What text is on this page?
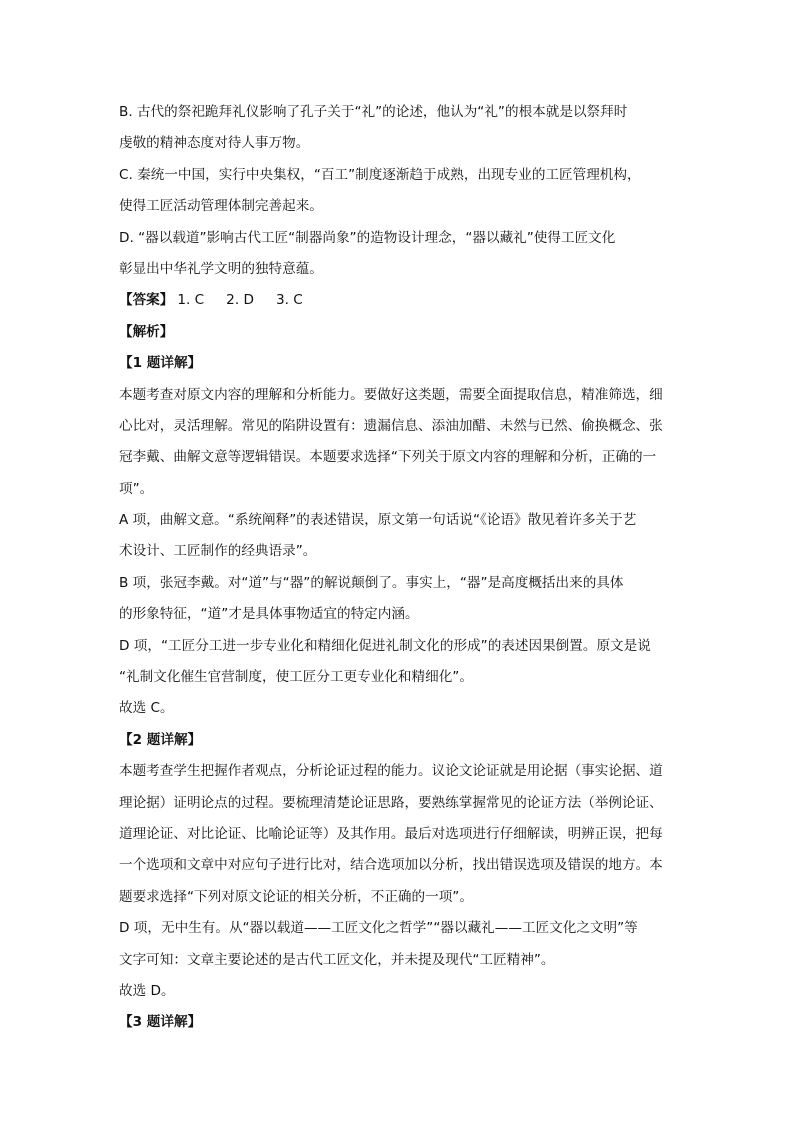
B. 古代的祭祀跪拜礼仪影响了孔子关于“礼”的论述，他认为“礼”的根本就是以祭拜时
虔敬的精神态度对待人事万物。
C. 秦统一中国，实行中央集权，“百工”制度逐渐趋于成熟，出现专业的工匠管理机构，
使得工匠活动管理体制完善起来。
D. “器以载道”影响古代工匠“制器尚象”的造物设计理念，“器以藏礼”使得工匠文化
彰显出中华礼学文明的独特意蕴。
【答案】 1. C 2. D 3. C
【解析】
【1 题详解】
本题考查对原文内容的理解和分析能力。要做好这类题，需要全面提取信息，精准筛选，细
心比对，灵活理解。常见的陷阱设置有：遗漏信息、添油加醋、未然与已然、偷换概念、张
冠李戴、曲解文意等逻辑错误。本题要求选择“下列关于原文内容的理解和分析，正确的一
项”。
A 项，曲解文意。“系统阐释”的表述错误，原文第一句话说“《论语》散见着许多关于艺
术设计、工匠制作的经典语录”。
B 项，张冠李戴。对“道”与“器”的解说颠倒了。事实上，“器”是高度概括出来的具体
的形象特征，“道”才是具体事物适宜的特定内涵。
D 项，“工匠分工进一步专业化和精细化促进礼制文化的形成”的表述因果倒置。原文是说
“礼制文化催生官营制度，使工匠分工更专业化和精细化”。
故选 C。
【2 题详解】
本题考查学生把握作者观点，分析论证过程的能力。议论文论证就是用论据（事实论据、道
理论据）证明论点的过程。要梳理清楚论证思路，要熟练掌握常见的论证方法（举例论证、
道理论证、对比论证、比喻论证等）及其作用。最后对选项进行仔细解读，明辨正误，把每
一个选项和文章中对应句子进行比对，结合选项加以分析，找出错误选项及错误的地方。本
题要求选择“下列对原文论证的相关分析，不正确的一项”。
D 项，无中生有。从“器以载道——工匠文化之哲学”“器以藏礼——工匠文化之文明”等
文字可知：文章主要论述的是古代工匠文化，并未提及现代“工匠精神”。
故选 D。
【3 题详解】
